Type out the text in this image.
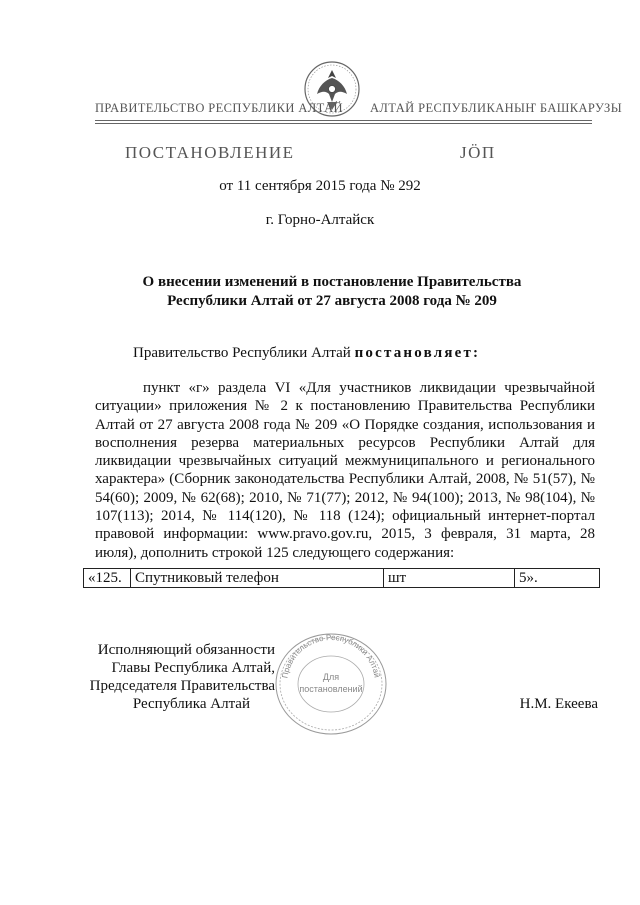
ПРАВИТЕЛЬСТВО РЕСПУБЛИКИ АЛТАЙ АЛТАЙ РЕСПУБЛИКАНЫҤ БАШКАРУЗЫ
ПОСТАНОВЛЕНИЕ	ЈӦП
от 11 сентября 2015 года № 292
г. Горно-Алтайск
О внесении изменений в постановление Правительства Республики Алтай от 27 августа 2008 года № 209
Правительство Республики Алтай постановляет:
пункт «г» раздела VI «Для участников ликвидации чрезвычайной ситуации» приложения № 2 к постановлению Правительства Республики Алтай от 27 августа 2008 года № 209 «О Порядке создания, использования и восполнения резерва материальных ресурсов Республики Алтай для ликвидации чрезвычайных ситуаций межмуниципального и регионального характера» (Сборник законодательства Республики Алтай, 2008, № 51(57), № 54(60); 2009, № 62(68); 2010, № 71(77); 2012, № 94(100); 2013, № 98(104), № 107(113); 2014, № 114(120), № 118 (124); официальный интернет-портал правовой информации: www.pravo.gov.ru, 2015, 3 февраля, 31 марта, 28 июля), дополнить строкой 125 следующего содержания:
«125.	Спутниковый телефон	шт	5».
Правительство Республики Алтай
Для
постановлений
Исполняющий обязанности
Главы Республика Алтай,
Председателя Правительства
Республика Алтай	Н.М. Екеева
